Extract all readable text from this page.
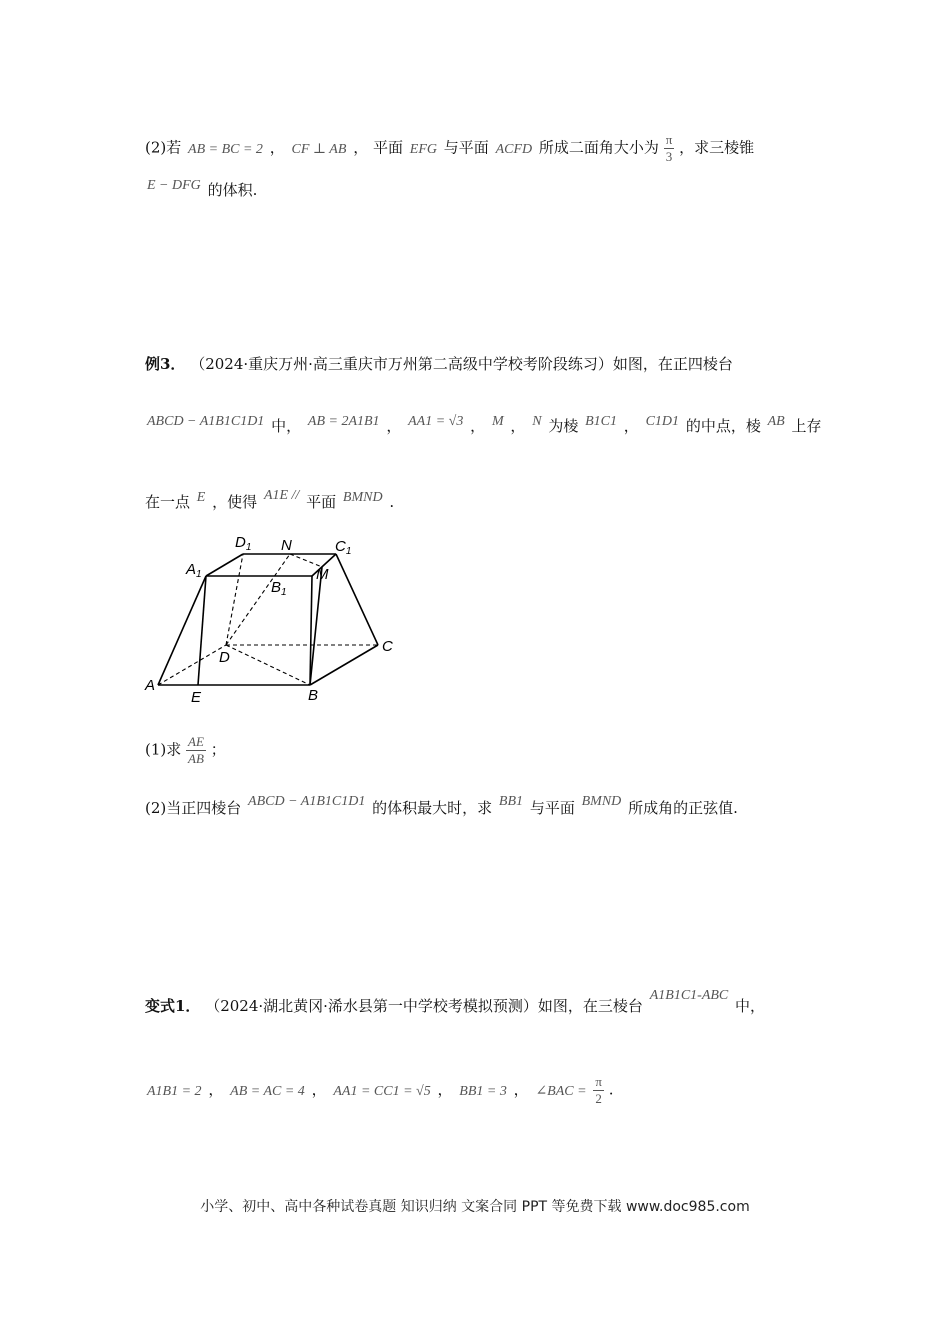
(2)若 AB = BC = 2 ， CF ⊥ AB ， 平面 EFG 与平面 ACFD 所成二面角大小为 $\frac{\pi}{3}$ ，求三棱锥
E − DFG 的体积.
例3． （2024·重庆万州·高三重庆市万州第二高级中学校考阶段练习）如图，在正四棱台
ABCD − A1B1C1D1 中， AB = 2A1B1 ， AA1 = √3 ， M ， N 为棱 B1C1 ， C1D1 的中点，棱 AB 上存
在一点 E ，使得 A1E // 平面 BMND .
$D_1$ N	$C_1$
$A_1$	M
$B_1$
D
C
A
E	B
(1)求 $\frac{AE}{AB}$ ；
(2)当正四棱台 ABCD − A1B1C1D1 的体积最大时，求 BB1 与平面 BMND 所成角的正弦值.
变式1． （2024·湖北黄冈·浠水县第一中学校考模拟预测）如图，在三棱台 A1B1C1-ABC 中，
A1B1 = 2 ， AB = AC = 4 ， AA1 = CC1 = √5 ， BB1 = 3 ， ∠BAC = $\frac{\pi}{2}$ .
小学、初中、高中各种试卷真题 知识归纳 文案合同 PPT 等免费下载 www.doc985.com
